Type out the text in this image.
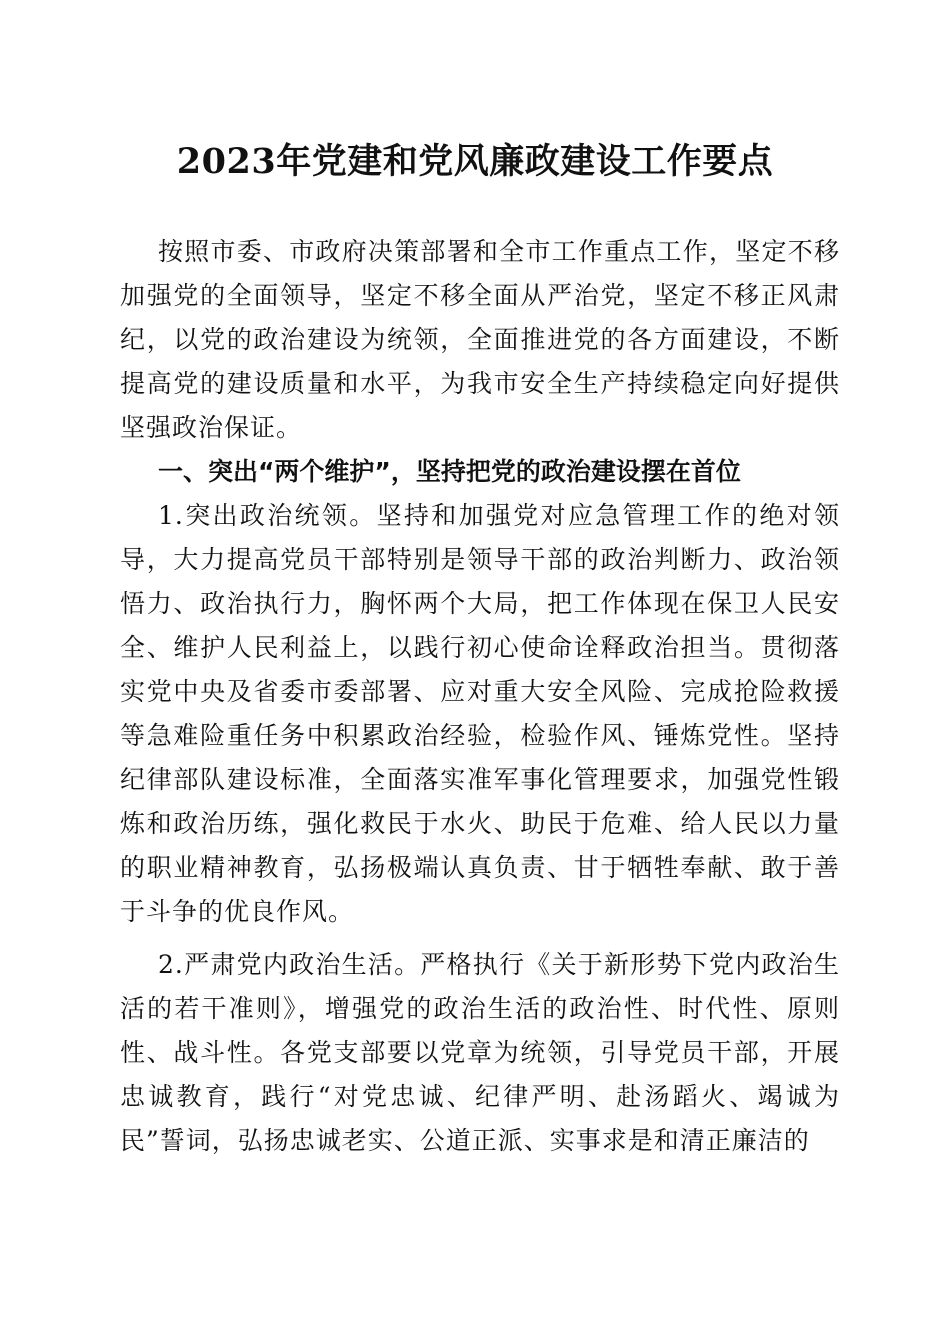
2023年党建和党风廉政建设工作要点

按照市委、市政府决策部署和全市工作重点工作，坚定不移加强党的全面领导，坚定不移全面从严治党，坚定不移正风肃纪，以党的政治建设为统领，全面推进党的各方面建设，不断提高党的建设质量和水平，为我市安全生产持续稳定向好提供坚强政治保证。

一、突出“两个维护”，坚持把党的政治建设摆在首位

1.突出政治统领。坚持和加强党对应急管理工作的绝对领导，大力提高党员干部特别是领导干部的政治判断力、政治领悟力、政治执行力，胸怀两个大局，把工作体现在保卫人民安全、维护人民利益上，以践行初心使命诠释政治担当。贯彻落实党中央及省委市委部署、应对重大安全风险、完成抢险救援等急难险重任务中积累政治经验，检验作风、锤炼党性。坚持纪律部队建设标准，全面落实准军事化管理要求，加强党性锻炼和政治历练，强化救民于水火、助民于危难、给人民以力量的职业精神教育，弘扬极端认真负责、甘于牺牲奉献、敢于善于斗争的优良作风。

2.严肃党内政治生活。严格执行《关于新形势下党内政治生活的若干准则》，增强党的政治生活的政治性、时代性、原则性、战斗性。各党支部要以党章为统领，引导党员干部，开展忠诚教育，践行“对党忠诚、纪律严明、赴汤蹈火、竭诚为民”誓词，弘扬忠诚老实、公道正派、实事求是和清正廉洁的
